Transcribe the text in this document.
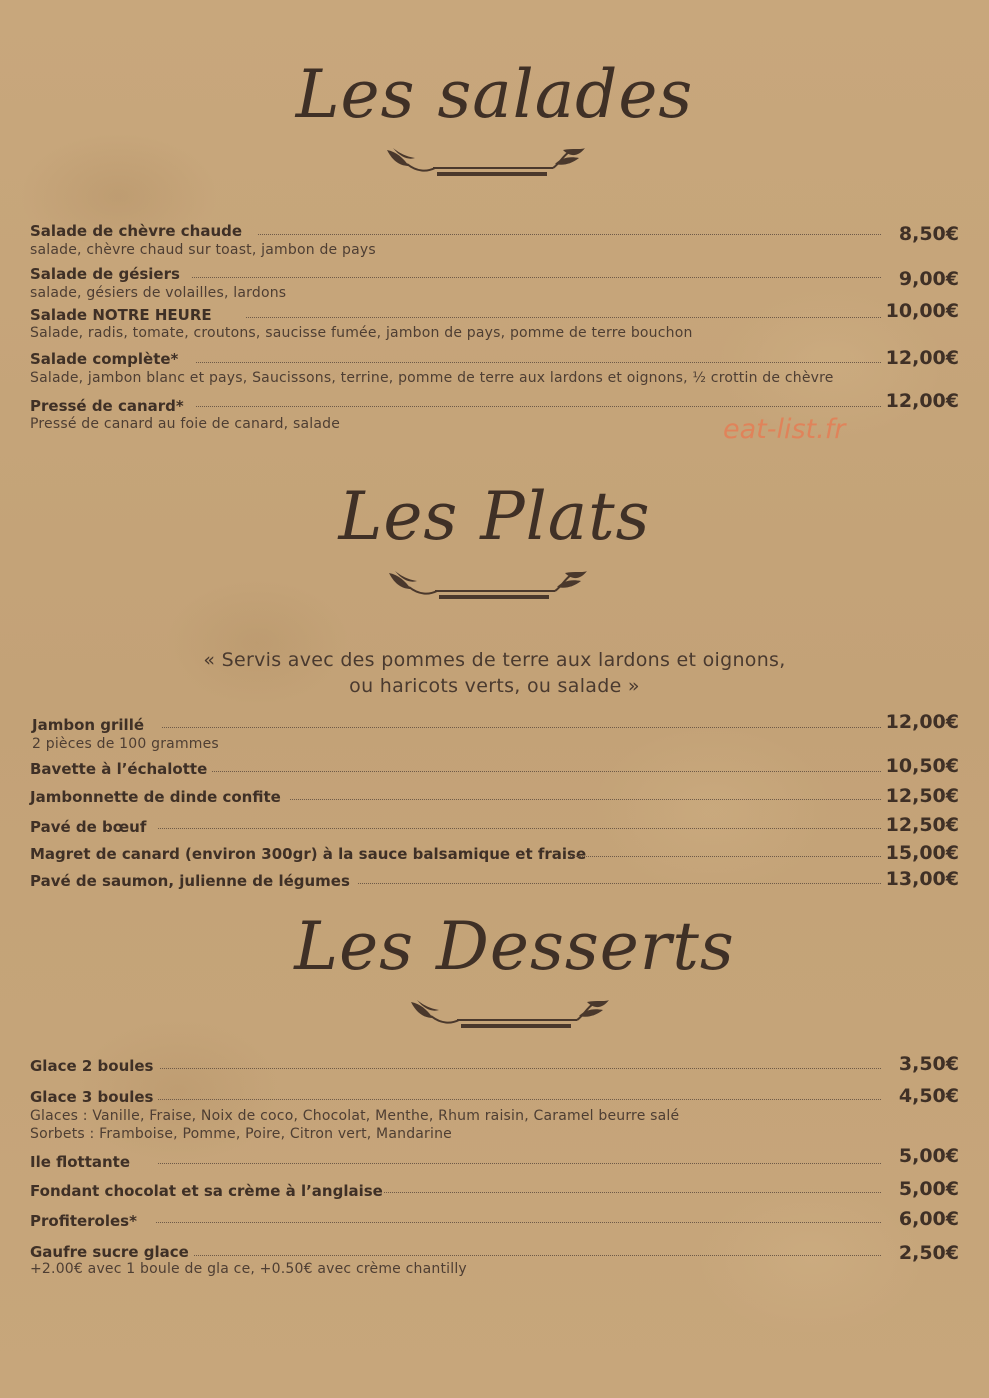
Les salades
Salade de chèvre chaude	8,50€
salade, chèvre chaud sur toast, jambon de pays
Salade de gésiers	9,00€
salade, gésiers de volailles, lardons
Salade NOTRE HEURE	10,00€
Salade, radis, tomate, croutons, saucisse fumée, jambon de pays, pomme de terre bouchon
Salade complète*	12,00€
Salade, jambon blanc et pays, Saucissons, terrine, pomme de terre aux lardons et oignons, ½ crottin de chèvre
Pressé de canard*	12,00€
Pressé de canard au foie de canard, salade	eat-list.fr
Les Plats
« Servis avec des pommes de terre aux lardons et oignons,
ou haricots verts, ou salade »
Jambon grillé	12,00€
2 pièces de 100 grammes
Bavette à l’échalotte	10,50€
Jambonnette de dinde confite	12,50€
Pavé de bœuf	12,50€
Magret de canard (environ 300gr) à la sauce balsamique et fraise	15,00€
Pavé de saumon, julienne de légumes	13,00€
Les Desserts
Glace 2 boules	3,50€
Glace 3 boules	4,50€
Glaces : Vanille, Fraise, Noix de coco, Chocolat, Menthe, Rhum raisin, Caramel beurre salé
Sorbets : Framboise, Pomme, Poire, Citron vert, Mandarine
Ile flottante	5,00€
Fondant chocolat et sa crème à l’anglaise	5,00€
Profiteroles*	6,00€
Gaufre sucre glace	2,50€
+2.00€ avec 1 boule de gla ce, +0.50€ avec crème chantilly
